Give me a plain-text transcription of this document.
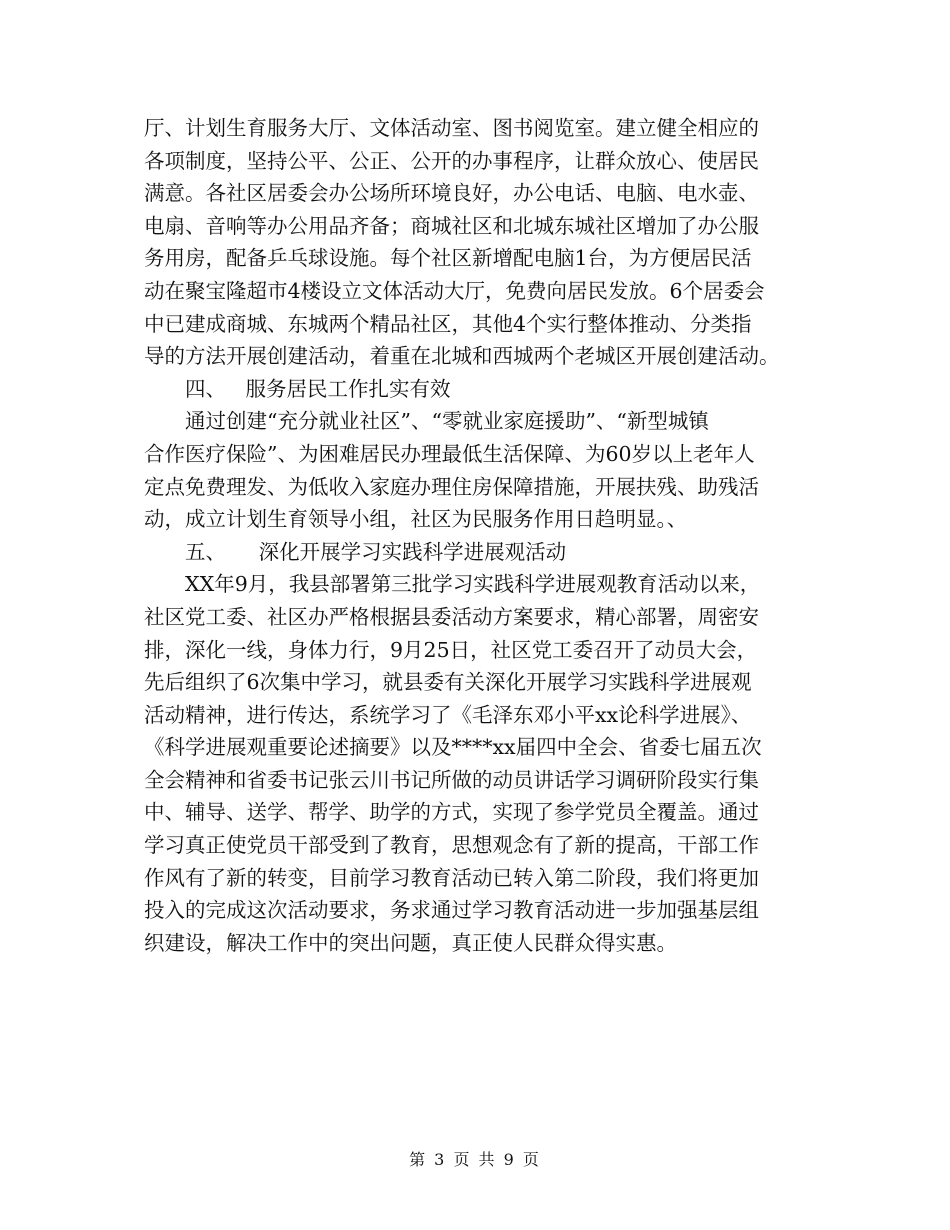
厅、计划生育服务大厅、文体活动室、图书阅览室。建立健全相应的
各项制度，坚持公平、公正、公开的办事程序，让群众放心、使居民
满意。各社区居委会办公场所环境良好，办公电话、电脑、电水壶、
电扇、音响等办公用品齐备；商城社区和北城东城社区增加了办公服
务用房，配备乒乓球设施。每个社区新增配电脑1台，为方便居民活
动在聚宝隆超市4楼设立文体活动大厅，免费向居民发放。6个居委会
中已建成商城、东城两个精品社区，其他4个实行整体推动、分类指
导的方法开展创建活动，着重在北城和西城两个老城区开展创建活动。
四、   服务居民工作扎实有效
通过创建“充分就业社区”、“零就业家庭援助”、“新型城镇
合作医疗保险”、为困难居民办理最低生活保障、为60岁以上老年人
定点免费理发、为低收入家庭办理住房保障措施，开展扶残、助残活
动，成立计划生育领导小组，社区为民服务作用日趋明显。、
五、     深化开展学习实践科学进展观活动
XX年9月，我县部署第三批学习实践科学进展观教育活动以来，
社区党工委、社区办严格根据县委活动方案要求，精心部署，周密安
排，深化一线，身体力行，9月25日，社区党工委召开了动员大会，
先后组织了6次集中学习，就县委有关深化开展学习实践科学进展观
活动精神，进行传达，系统学习了《毛泽东邓小平xx论科学进展》、
《科学进展观重要论述摘要》以及****xx届四中全会、省委七届五次
全会精神和省委书记张云川书记所做的动员讲话学习调研阶段实行集
中、辅导、送学、帮学、助学的方式，实现了参学党员全覆盖。通过
学习真正使党员干部受到了教育，思想观念有了新的提高，干部工作
作风有了新的转变，目前学习教育活动已转入第二阶段，我们将更加
投入的完成这次活动要求，务求通过学习教育活动进一步加强基层组
织建设，解决工作中的突出问题，真正使人民群众得实惠。
第 3 页 共 9 页
